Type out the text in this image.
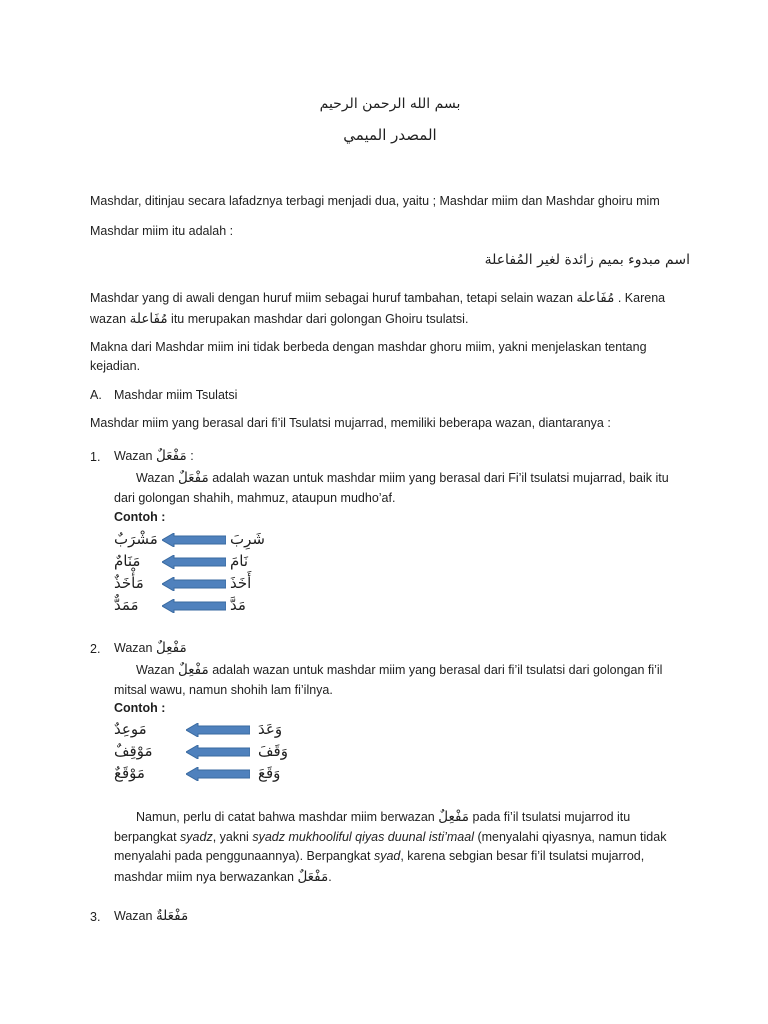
بسم الله الرحمن الرحيم
المصدر الميمي
Mashdar, ditinjau secara lafadznya terbagi menjadi dua, yaitu ; Mashdar miim dan Mashdar ghoiru mim
Mashdar miim itu adalah :
اسم مبدوء بميم زائدة لغير المُفاعلة
Mashdar yang di awali dengan huruf miim sebagai huruf tambahan, tetapi selain wazan مُفَاعلة . Karena
wazan مُفَاعلة itu merupakan mashdar dari golongan Ghoiru tsulatsi.
Makna dari Mashdar miim ini tidak berbeda dengan mashdar ghoru miim, yakni menjelaskan tentang kejadian.
A. Mashdar miim Tsulatsi
Mashdar miim yang berasal dari fi’il Tsulatsi mujarrad, memiliki beberapa wazan, diantaranya :
1. Wazan مَفْعَلٌ :
Wazan مَفْعَلٌ adalah wazan untuk mashdar miim yang berasal dari Fi’il tsulatsi mujarrad, baik itu dari golongan shahih, mahmuz, ataupun mudho’af.
Contoh :
مَشْرَبٌ	شَرِبَ
مَنَامٌ	نَامَ
مَأْخَذٌ	أَخَذَ
مَمَدٌّ	مَدَّ
2. Wazan مَفْعِلٌ
Wazan مَفْعِلٌ adalah wazan untuk mashdar miim yang berasal dari fi’il tsulatsi dari golongan fi’il mitsal wawu, namun shohih lam fi’ilnya.
Contoh :
مَوعِدٌ	وَعَدَ
مَوْقِفٌ	وَقَفَ
مَوْقَعٌ	وَقَعَ
Namun, perlu di catat bahwa mashdar miim berwazan مَفْعِلٌ pada fi’il tsulatsi mujarrod itu berpangkat syadz, yakni syadz mukhooliful qiyas duunal isti’maal (menyalahi qiyasnya, namun tidak menyalahi pada penggunaannya). Berpangkat syad, karena sebgian besar fi’il tsulatsi mujarrod, mashdar miim nya berwazankan مَفْعَلٌ.
3. Wazan مَفْعَلةٌ
